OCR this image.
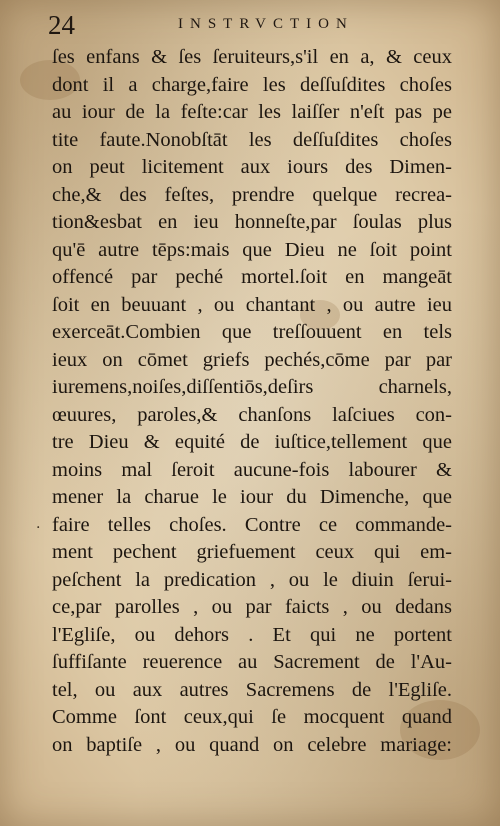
24	INSTRVCTION
.
ſes enfans & ſes ſeruiteurs,s'il en a, & ceux
dont il a charge,faire les deſſuſdites choſes
au iour de la feſte:car les laiſſer n'eſt pas pe
tite faute.Nonobſtāt les deſſuſdites choſes
on peut licitement aux iours des Dimen-
che,& des feſtes, prendre quelque recrea-
tion&esbat en ieu honneſte,par ſoulas plus
qu'ē autre tēps:mais que Dieu ne ſoit point
offencé par peché mortel.ſoit en mangeāt
ſoit en beuuant , ou chantant , ou autre ieu
exerceāt.Combien que treſſouuent en tels
ieux on cōmet griefs pechés,cōme par par
iuremens,noiſes,diſſentiōs,deſirs charnels,
œuures, paroles,& chanſons laſciues con-
tre Dieu & equité de iuſtice,tellement que
moins mal ſeroit aucune-fois labourer &
mener la charue le iour du Dimenche, que
faire telles choſes. Contre ce commande-
ment pechent griefuement ceux qui em-
peſchent la predication , ou le diuin ſerui-
ce,par parolles , ou par faicts , ou dedans
l'Egliſe, ou dehors . Et qui ne portent
ſuffiſante reuerence au Sacrement de l'Au-
tel, ou aux autres Sacremens de l'Egliſe.
Comme ſont ceux,qui ſe mocquent quand
on baptiſe , ou quand on celebre mariage:
